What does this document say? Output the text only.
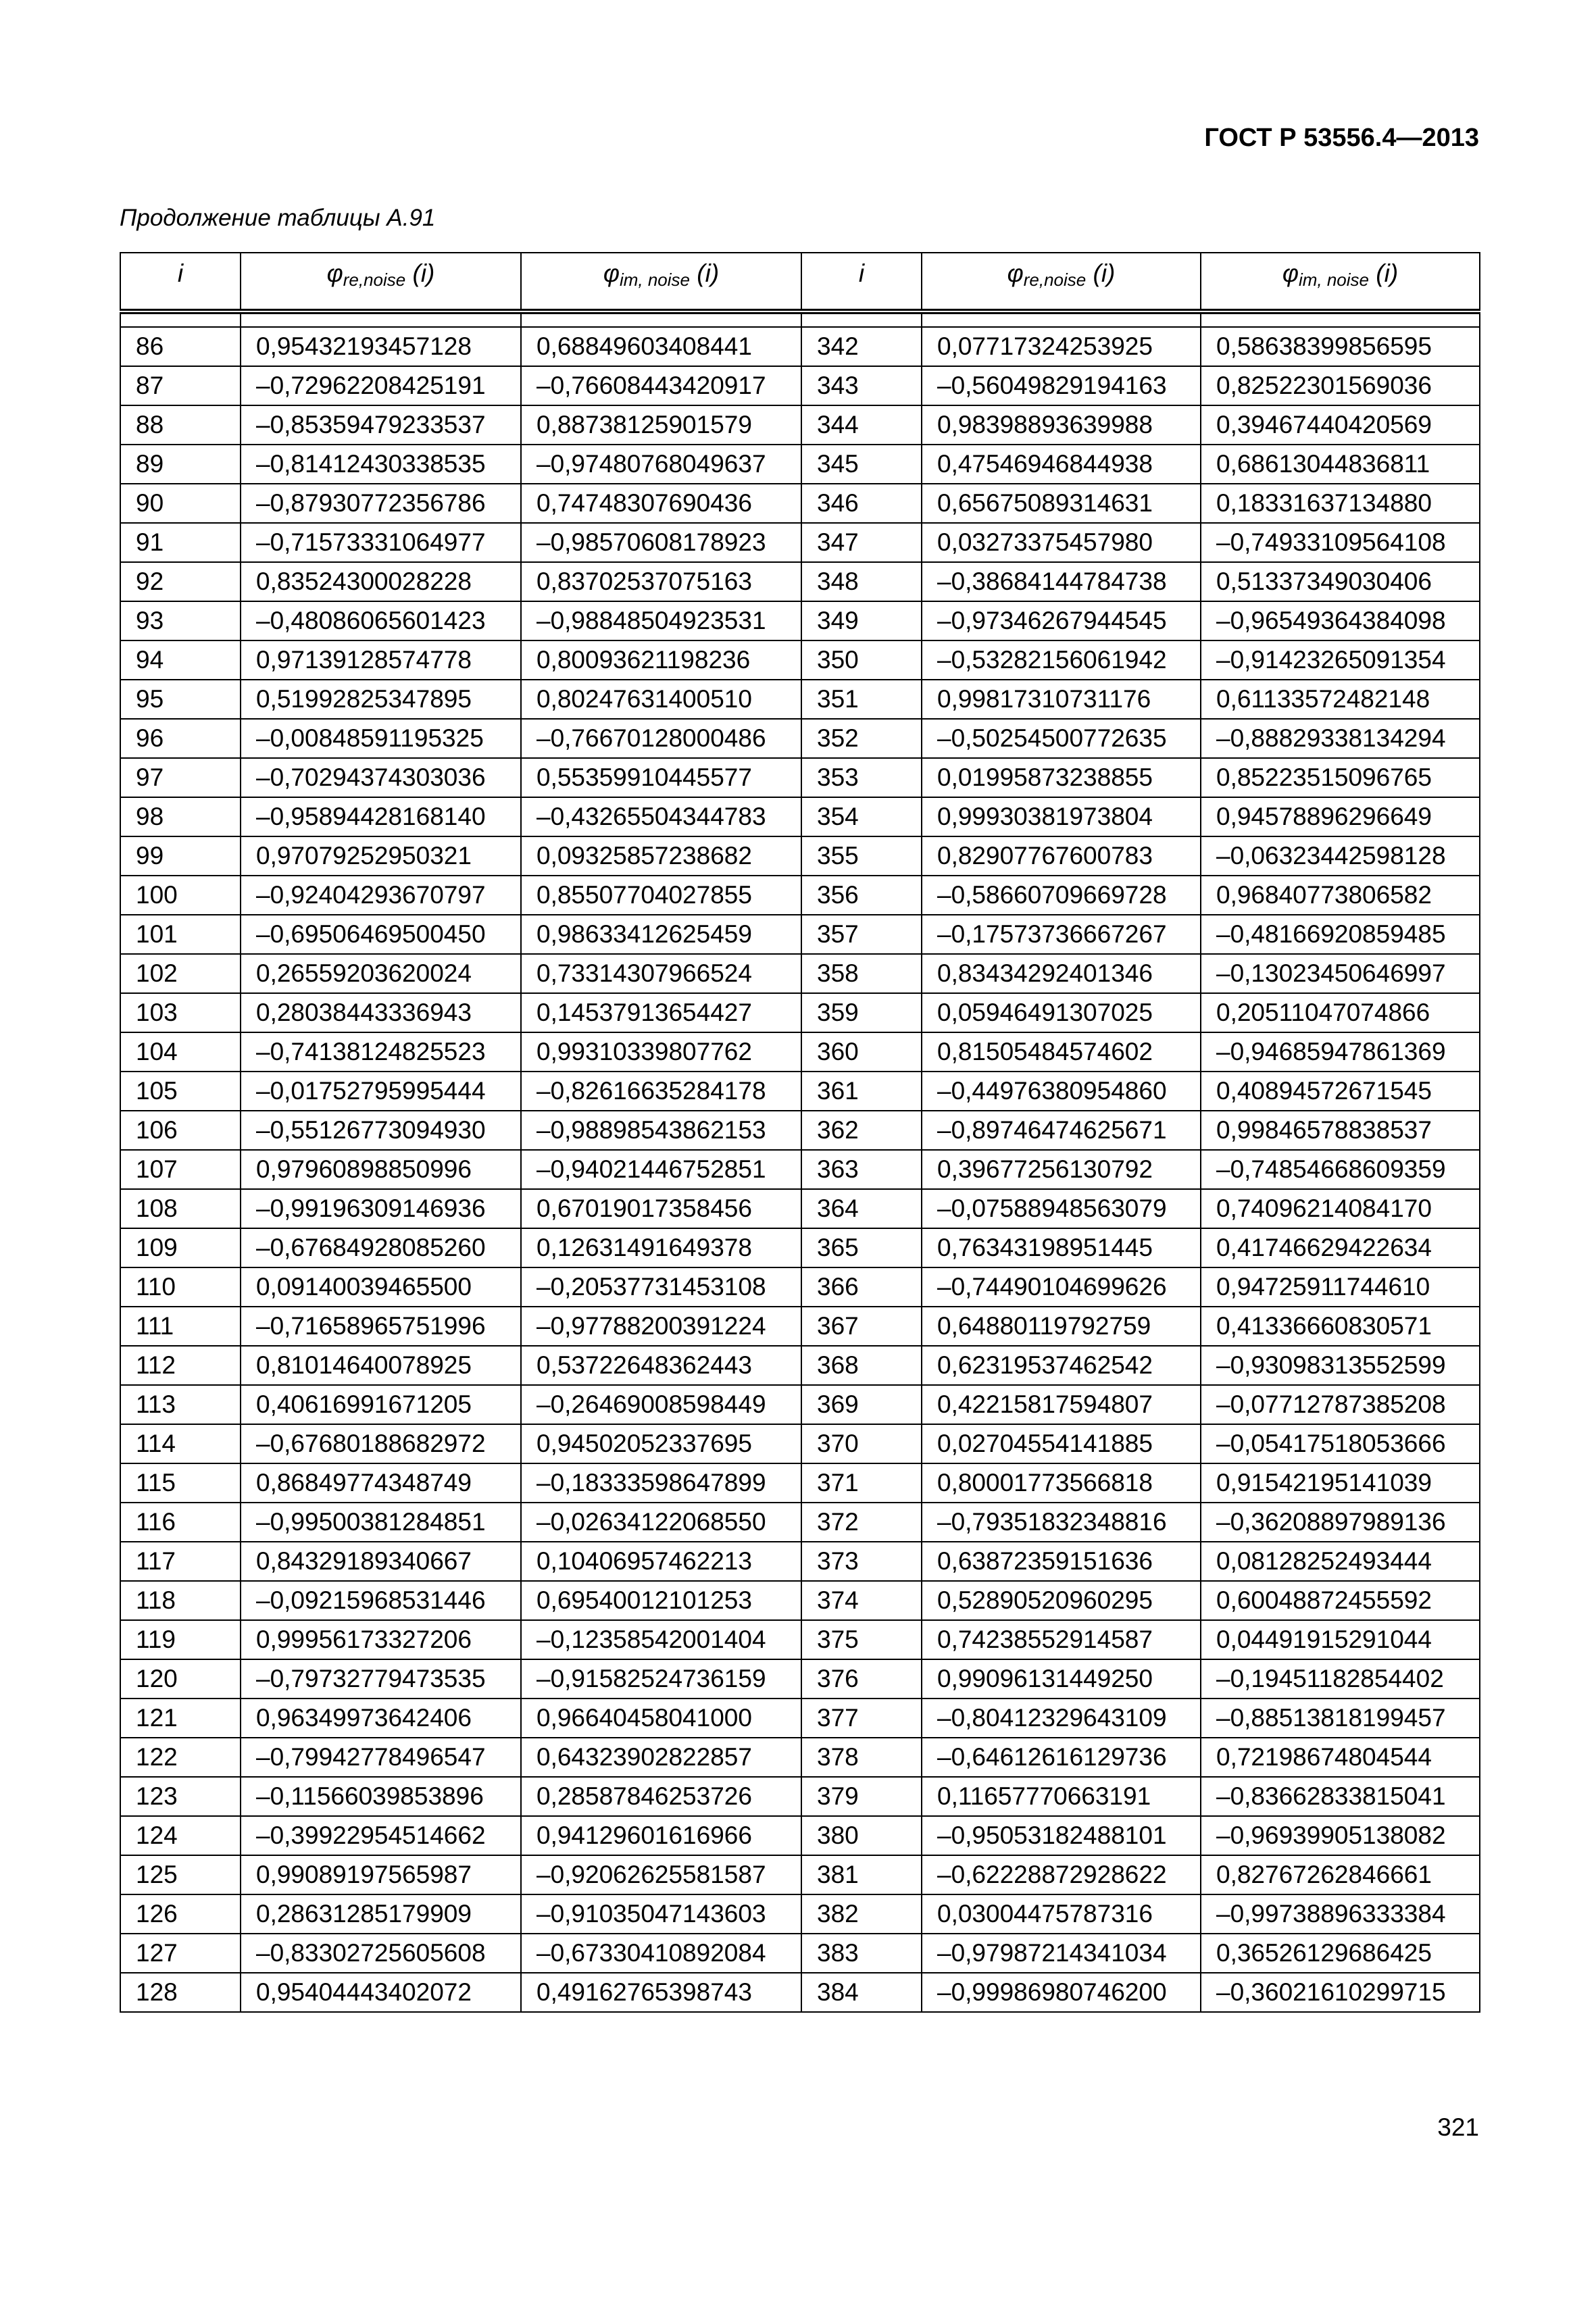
ГОСТ Р 53556.4—2013
Продолжение таблицы А.91
i	$\varphi_{re,noise}$ (i)	$\varphi_{im, noise}$ (i)	i	$\varphi_{re,noise}$ (i)	$\varphi_{im, noise}$ (i)

86	0,95432193457128	0,68849603408441	342	0,07717324253925	0,58638399856595
87	–0,72962208425191	–0,76608443420917	343	–0,56049829194163	0,82522301569036
88	–0,85359479233537	0,88738125901579	344	0,98398893639988	0,39467440420569
89	–0,81412430338535	–0,97480768049637	345	0,47546946844938	0,68613044836811
90	–0,87930772356786	0,74748307690436	346	0,65675089314631	0,18331637134880
91	–0,71573331064977	–0,98570608178923	347	0,03273375457980	–0,74933109564108
92	0,83524300028228	0,83702537075163	348	–0,38684144784738	0,51337349030406
93	–0,48086065601423	–0,98848504923531	349	–0,97346267944545	–0,96549364384098
94	0,97139128574778	0,80093621198236	350	–0,53282156061942	–0,91423265091354
95	0,51992825347895	0,80247631400510	351	0,99817310731176	0,61133572482148
96	–0,00848591195325	–0,76670128000486	352	–0,50254500772635	–0,88829338134294
97	–0,70294374303036	0,55359910445577	353	0,01995873238855	0,85223515096765
98	–0,95894428168140	–0,43265504344783	354	0,99930381973804	0,94578896296649
99	0,97079252950321	0,09325857238682	355	0,82907767600783	–0,06323442598128
100	–0,92404293670797	0,85507704027855	356	–0,58660709669728	0,96840773806582
101	–0,69506469500450	0,98633412625459	357	–0,17573736667267	–0,48166920859485
102	0,26559203620024	0,73314307966524	358	0,83434292401346	–0,13023450646997
103	0,28038443336943	0,14537913654427	359	0,05946491307025	0,20511047074866
104	–0,74138124825523	0,99310339807762	360	0,81505484574602	–0,94685947861369
105	–0,01752795995444	–0,82616635284178	361	–0,44976380954860	0,40894572671545
106	–0,55126773094930	–0,98898543862153	362	–0,89746474625671	0,99846578838537
107	0,97960898850996	–0,94021446752851	363	0,39677256130792	–0,74854668609359
108	–0,99196309146936	0,67019017358456	364	–0,07588948563079	0,74096214084170
109	–0,67684928085260	0,12631491649378	365	0,76343198951445	0,41746629422634
110	0,09140039465500	–0,20537731453108	366	–0,74490104699626	0,94725911744610
111	–0,71658965751996	–0,97788200391224	367	0,64880119792759	0,41336660830571
112	0,81014640078925	0,53722648362443	368	0,62319537462542	–0,93098313552599
113	0,40616991671205	–0,26469008598449	369	0,42215817594807	–0,07712787385208
114	–0,67680188682972	0,94502052337695	370	0,02704554141885	–0,05417518053666
115	0,86849774348749	–0,18333598647899	371	0,80001773566818	0,91542195141039
116	–0,99500381284851	–0,02634122068550	372	–0,79351832348816	–0,36208897989136
117	0,84329189340667	0,10406957462213	373	0,63872359151636	0,08128252493444
118	–0,09215968531446	0,69540012101253	374	0,52890520960295	0,60048872455592
119	0,99956173327206	–0,12358542001404	375	0,74238552914587	0,04491915291044
120	–0,79732779473535	–0,91582524736159	376	0,99096131449250	–0,19451182854402
121	0,96349973642406	0,96640458041000	377	–0,80412329643109	–0,88513818199457
122	–0,79942778496547	0,64323902822857	378	–0,64612616129736	0,72198674804544
123	–0,11566039853896	0,28587846253726	379	0,11657770663191	–0,83662833815041
124	–0,39922954514662	0,94129601616966	380	–0,95053182488101	–0,96939905138082
125	0,99089197565987	–0,92062625581587	381	–0,62228872928622	0,82767262846661
126	0,28631285179909	–0,91035047143603	382	0,03004475787316	–0,99738896333384
127	–0,83302725605608	–0,67330410892084	383	–0,97987214341034	0,36526129686425
128	0,95404443402072	0,49162765398743	384	–0,99986980746200	–0,36021610299715
321
